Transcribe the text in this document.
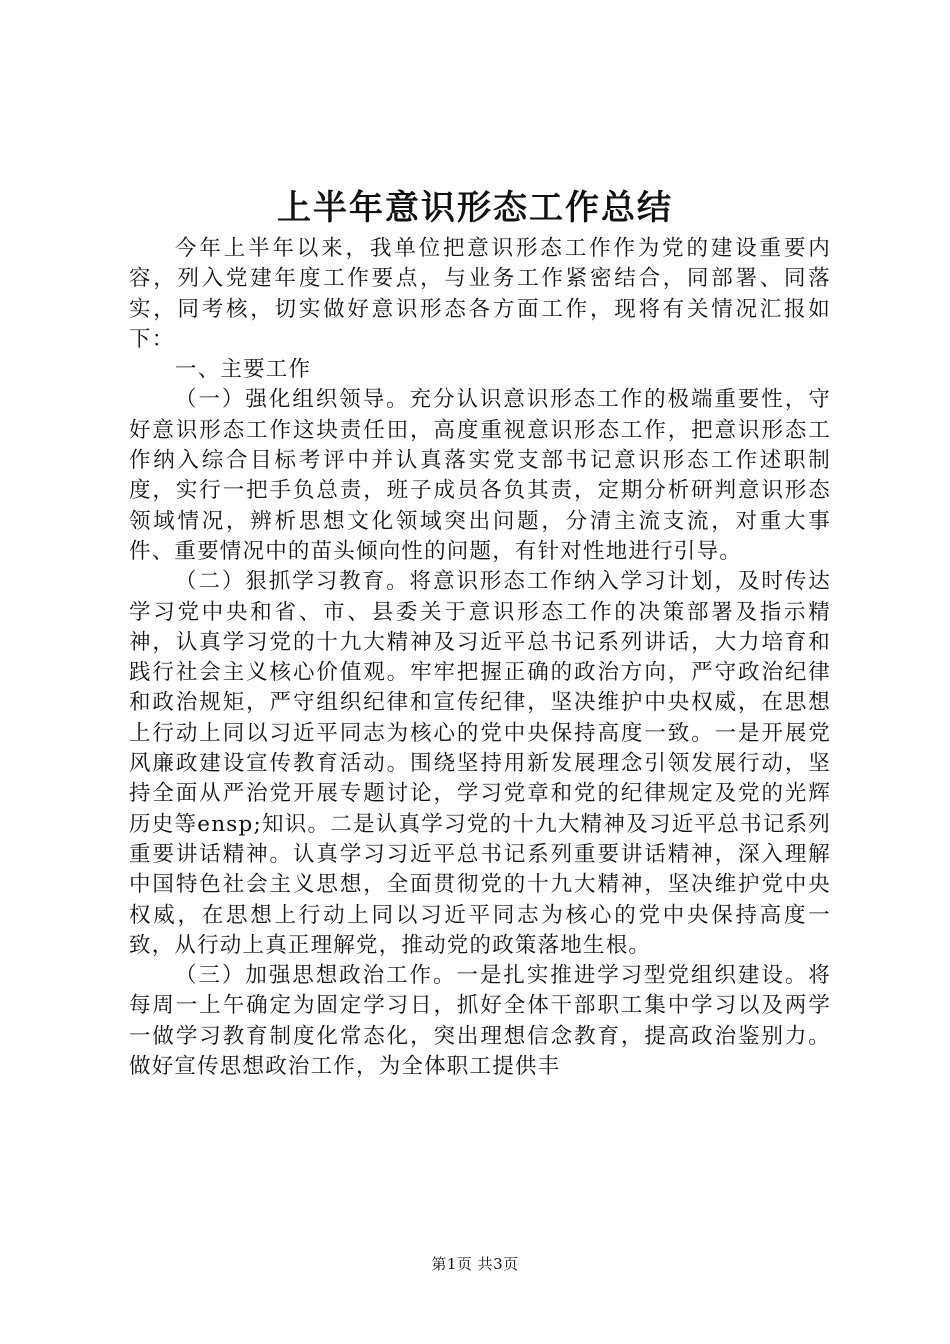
上半年意识形态工作总结

今年上半年以来，我单位把意识形态工作作为党的建设重要内容，列入党建年度工作要点，与业务工作紧密结合，同部署、同落实，同考核，切实做好意识形态各方面工作，现将有关情况汇报如下：

一、主要工作

（一）强化组织领导。充分认识意识形态工作的极端重要性，守好意识形态工作这块责任田，高度重视意识形态工作，把意识形态工作纳入综合目标考评中并认真落实党支部书记意识形态工作述职制度，实行一把手负总责，班子成员各负其责，定期分析研判意识形态领域情况，辨析思想文化领域突出问题，分清主流支流，对重大事件、重要情况中的苗头倾向性的问题，有针对性地进行引导。

（二）狠抓学习教育。将意识形态工作纳入学习计划，及时传达学习党中央和省、市、县委关于意识形态工作的决策部署及指示精神，认真学习党的十九大精神及习近平总书记系列讲话，大力培育和践行社会主义核心价值观。牢牢把握正确的政治方向，严守政治纪律和政治规矩，严守组织纪律和宣传纪律，坚决维护中央权威，在思想上行动上同以习近平同志为核心的党中央保持高度一致。一是开展党风廉政建设宣传教育活动。围绕坚持用新发展理念引领发展行动，坚持全面从严治党开展专题讨论，学习党章和党的纪律规定及党的光辉历史等ensp;知识。二是认真学习党的十九大精神及习近平总书记系列重要讲话精神。认真学习习近平总书记系列重要讲话精神，深入理解中国特色社会主义思想，全面贯彻党的十九大精神，坚决维护党中央权威，在思想上行动上同以习近平同志为核心的党中央保持高度一致，从行动上真正理解党，推动党的政策落地生根。

（三）加强思想政治工作。一是扎实推进学习型党组织建设。将每周一上午确定为固定学习日，抓好全体干部职工集中学习以及两学一做学习教育制度化常态化，突出理想信念教育，提高政治鉴别力。做好宣传思想政治工作，为全体职工提供丰

第1页 共3页
